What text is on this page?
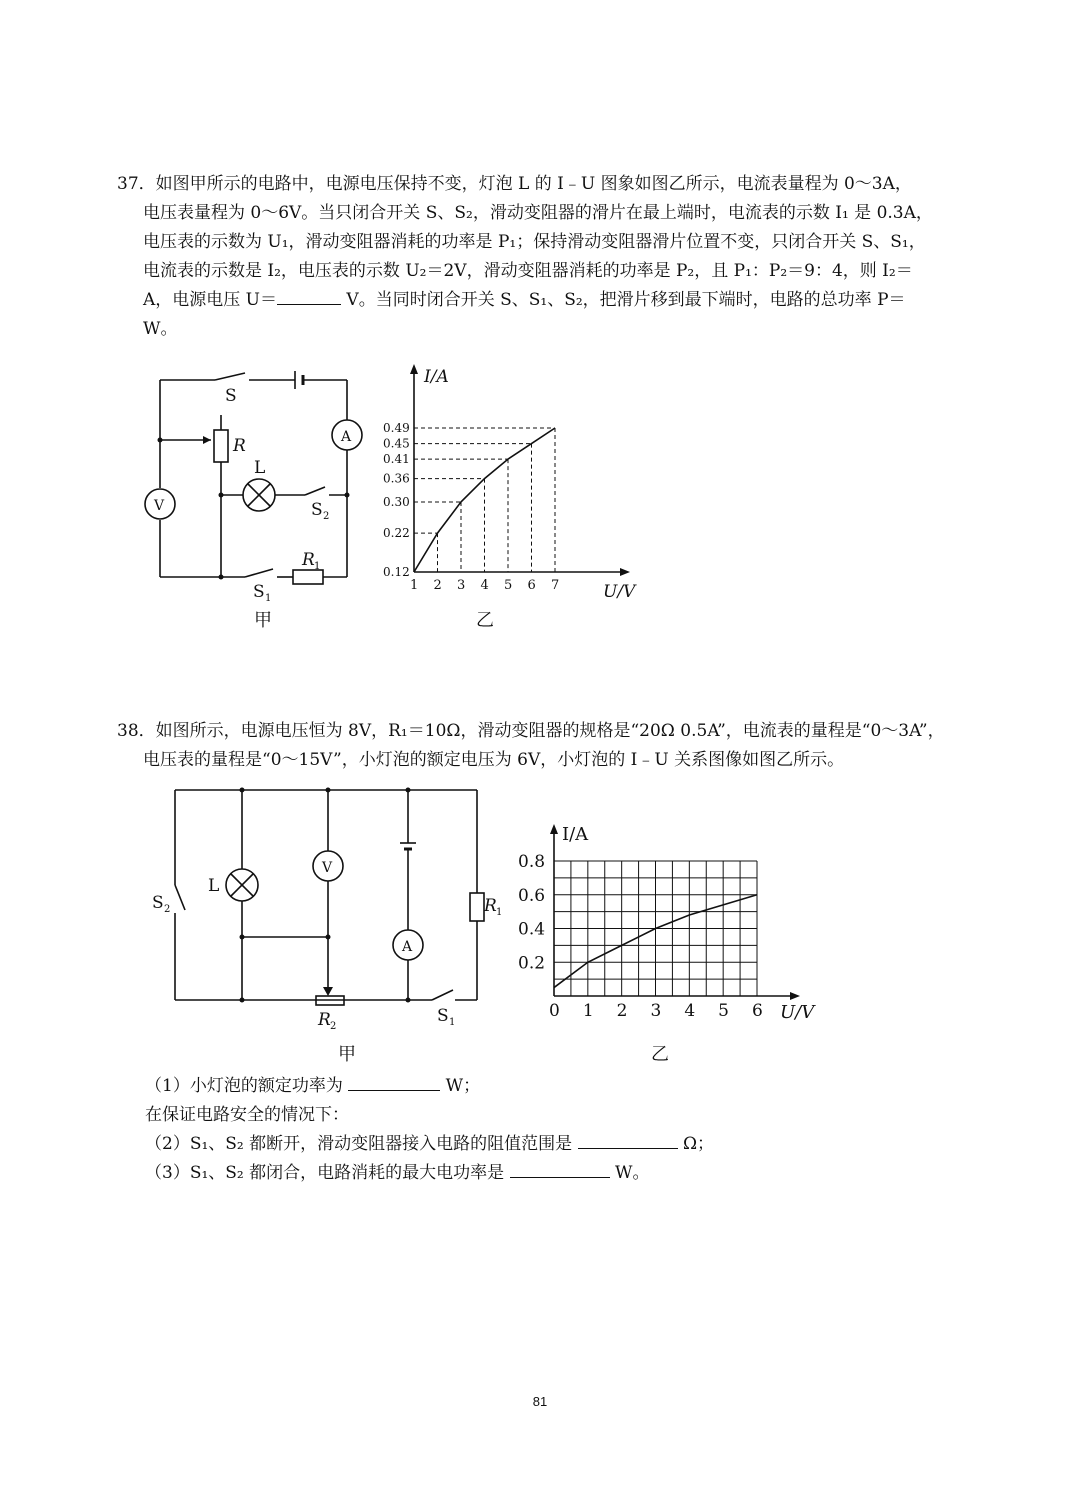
37．如图甲所示的电路中，电源电压保持不变，灯泡 L 的 I﹣U 图象如图乙所示，电流表量程为 0～3A，

电压表量程为 0～6V。当只闭合开关 S、S₂，滑动变阻器的滑片在最上端时，电流表的示数 I₁ 是 0.3A，

电压表的示数为 U₁，滑动变阻器消耗的功率是 P₁；保持滑动变阻器滑片位置不变，只闭合开关 S、S₁，

电流表的示数是 I₂，电压表的示数 U₂＝2V，滑动变阻器消耗的功率是 P₂，且 P₁：P₂＝9：4，则 I₂＝

A，电源电压 U＝	V。当同时闭合开关 S、S₁、S₂，把滑片移到最下端时，电路的总功率 P＝

W。

S
R
L
S 2
A
V
R 1
S 1
甲
I/A
U/V
1 2 3 4 5 6 7
0.12
0.22
0.30
0.36
0.41
0.45
0.49
乙

38．如图所示，电源电压恒为 8V，R₁＝10Ω，滑动变阻器的规格是“20Ω 0.5A”，电流表的量程是“0～3A”，

电压表的量程是“0～15V”，小灯泡的额定电压为 6V，小灯泡的 I﹣U 关系图像如图乙所示。

S 2
L
V
A
R 1
R 2
S 1
甲
I/A
U/V
0 1 2 3 4 5 6
0.2
0.4
0.6
0.8
乙

（1）小灯泡的额定功率为	W；

在保证电路安全的情况下：

（2）S₁、S₂ 都断开，滑动变阻器接入电路的阻值范围是	Ω；

（3）S₁、S₂ 都闭合，电路消耗的最大电功率是	W。

81
